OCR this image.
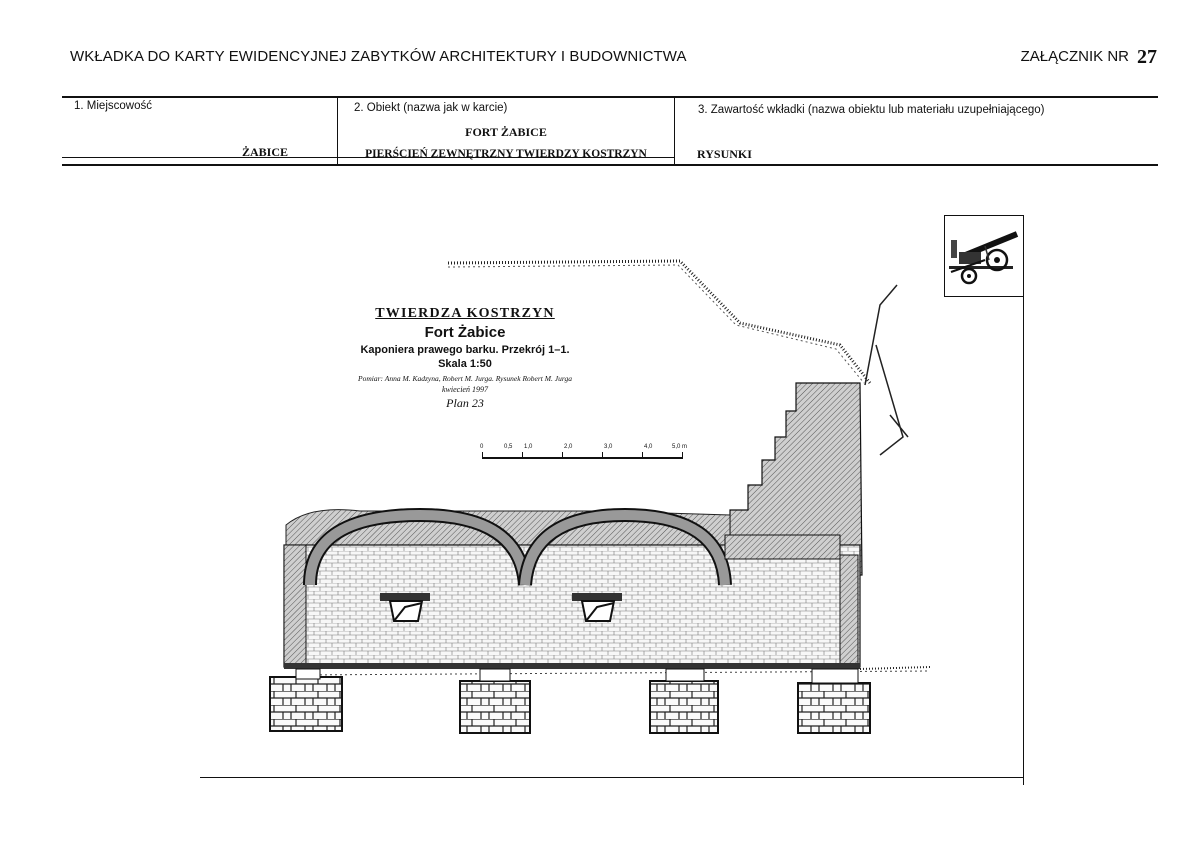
WKŁADKA DO KARTY EWIDENCYJNEJ ZABYTKÓW ARCHITEKTURY I BUDOWNICTWA	ZAŁĄCZNIK NR 27
1. Miejscowość
ŻABICE
2. Obiekt (nazwa jak w karcie)
FORT ŻABICE
PIERŚCIEŃ ZEWNĘTRZNY TWIERDZY KOSTRZYN
3. Zawartość wkładki (nazwa obiektu lub materiału uzupełniającego)
RYSUNKI
TWIERDZA KOSTRZYN
Fort Żabice
Kaponiera prawego barku. Przekrój 1–1.
Skala 1:50
Pomiar: Anna M. Kadzyna, Robert M. Jurga. Rysunek Robert M. Jurga
kwiecień 1997
Plan 23
0	0,5 1,0	2,0	3,0	4,0	5,0 m
